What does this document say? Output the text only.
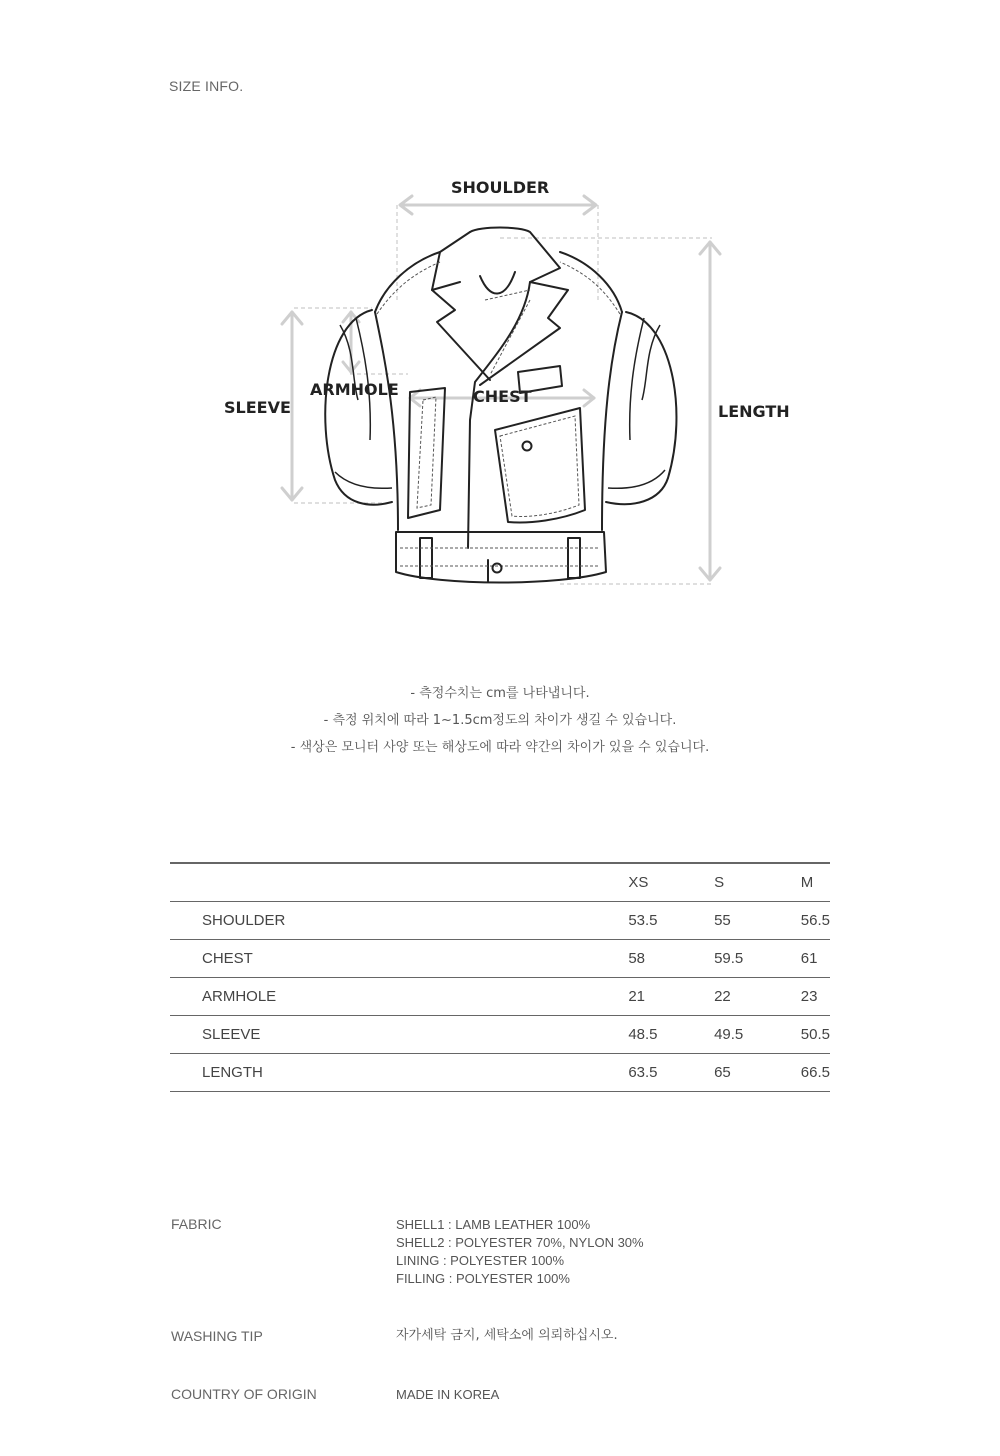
SIZE INFO.
SHOULDER
ARMHOLE	CHEST
SLEEVE	LENGTH
- 측정수치는 cm를 나타냅니다.
- 측정 위치에 따라 1~1.5cm정도의 차이가 생길 수 있습니다.
- 색상은 모니터 사양 또는 해상도에 따라 약간의 차이가 있을 수 있습니다.
	XS	S	M
SHOULDER	53.5	55	56.5
CHEST	58	59.5	61
ARMHOLE	21	22	23
SLEEVE	48.5	49.5	50.5
LENGTH	63.5	65	66.5
FABRIC	SHELL1 : LAMB LEATHER 100%
SHELL2 : POLYESTER 70%, NYLON 30%
LINING : POLYESTER 100%
FILLING : POLYESTER 100%
WASHING TIP	자가세탁 금지, 세탁소에 의뢰하십시오.
COUNTRY OF ORIGIN	MADE IN KOREA
